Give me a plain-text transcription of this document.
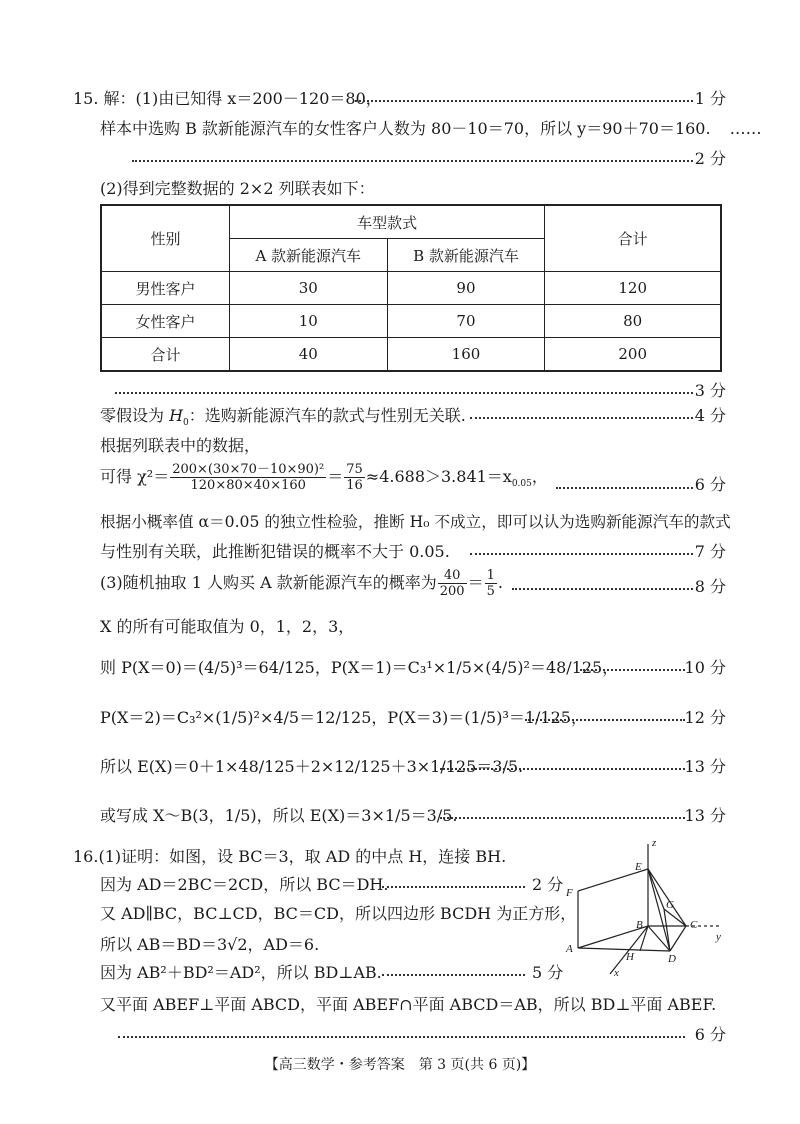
15. 解：(1)由已知得 x＝200－120＝80，	1 分
样本中选购 B 款新能源汽车的女性客户人数为 80－10＝70，所以 y＝90＋70＝160. ……
2 分
(2)得到完整数据的 2×2 列联表如下：
性别	车型款式		合计
	A 款新能源汽车	B 款新能源汽车	
男性客户	30	90	120
女性客户	10	70	80
合计	40	160	200
3 分
零假设为 $H_0$：选购新能源汽车的款式与性别无关联.	4 分
根据列联表中的数据，
可得 $\chi^2= \frac{\text{200×(30×70－10×90)²}}{120\times 80\times 40\times 160} = \frac{75}{16} \approx 4.688>3.841=x_{0.05}$，	6 分
根据小概率值 α＝0.05 的独立性检验，推断 H₀ 不成立，即可以认为选购新能源汽车的款式
与性别有关联，此推断犯错误的概率不大于 0.05.	7 分
(3)随机抽取 1 人购买 A 款新能源汽车的概率为 $\frac{40}{200} = \frac{1}{5}$ .	8 分
X 的所有可能取值为 0，1，2，3，
则 P(X＝0)＝(4/5)³＝64/125，P(X＝1)＝C₃¹×1/5×(4/5)²＝48/125，	10 分
P(X＝2)＝C₃²×(1/5)²×4/5＝12/125，P(X＝3)＝(1/5)³＝1/125，	12 分
所以 E(X)＝0＋1×48/125＋2×12/125＋3×1/125＝3/5.	13 分
或写成 X～B(3，1/5)，所以 E(X)＝3×1/5＝3/5.	13 分
16.(1)证明：如图，设 BC＝3，取 AD 的中点 H，连接 BH.
因为 AD＝2BC＝2CD，所以 BC＝DH.	2 分
又 AD∥BC，BC⊥CD，BC＝CD，所以四边形 BCDH 为正方形，
所以 AB＝BD＝3√2，AD＝6.
因为 AB²＋BD²＝AD²，所以 BD⊥AB.	5 分
又平面 ABEF⊥平面 ABCD，平面 ABEF∩平面 ABCD＝AB，所以 BD⊥平面 ABEF.
6 分
z
E
F
A
B
G
C
y
H	D
x
【高三数学・参考答案　第 3 页(共 6 页)】
